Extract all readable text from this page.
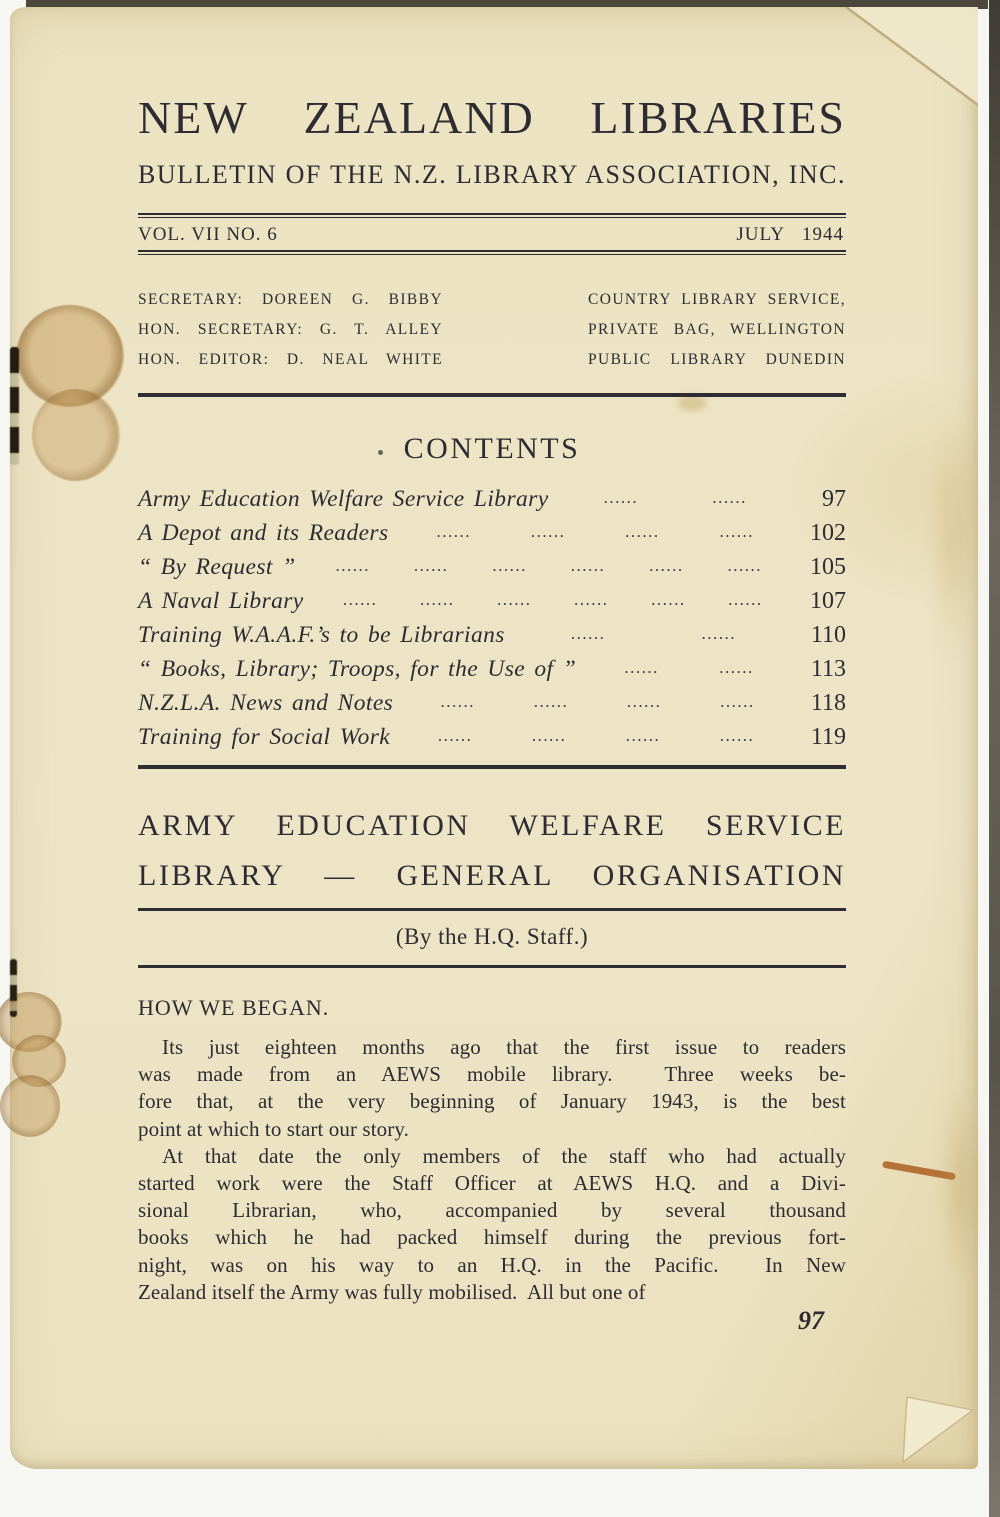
NEW ZEALAND LIBRARIES
BULLETIN OF THE N.Z. LIBRARY ASSOCIATION, INC.
VOL. VII NO. 6	JULY 1944
SECRETARY: DOREEN G. BIBBY
HON. SECRETARY: G. T. ALLEY
HON. EDITOR: D. NEAL WHITE
COUNTRY LIBRARY SERVICE,
PRIVATE BAG, WELLINGTON
PUBLIC LIBRARY DUNEDIN
CONTENTS
Army Education Welfare Service Library	......	......	97
A Depot and its Readers	......	......	......	......	102
“ By Request ” ......	......	......	......	......	......	105
A Naval Library ......	......	......	......	......	......	107
Training W.A.A.F.’s to be Librarians	......	......	110
“ Books, Library; Troops, for the Use of ”	......	......	113
N.Z.L.A. News and Notes	......	......	......	......	118
Training for Social Work	......	......	......	......	119
ARMY EDUCATION WELFARE SERVICE
LIBRARY — GENERAL ORGANISATION
(By the H.Q. Staff.)
HOW WE BEGAN.
Its just eighteen months ago that the first issue to readers
was made from an AEWS mobile library.  Three weeks be-
fore that, at the very beginning of January 1943, is the best
point at which to start our story.
At that date the only members of the staff who had actually
started work were the Staff Officer at AEWS H.Q. and a Divi-
sional Librarian, who, accompanied by several thousand
books which he had packed himself during the previous fort-
night, was on his way to an H.Q. in the Pacific.  In New
Zealand itself the Army was fully mobilised.  All but one of
97
